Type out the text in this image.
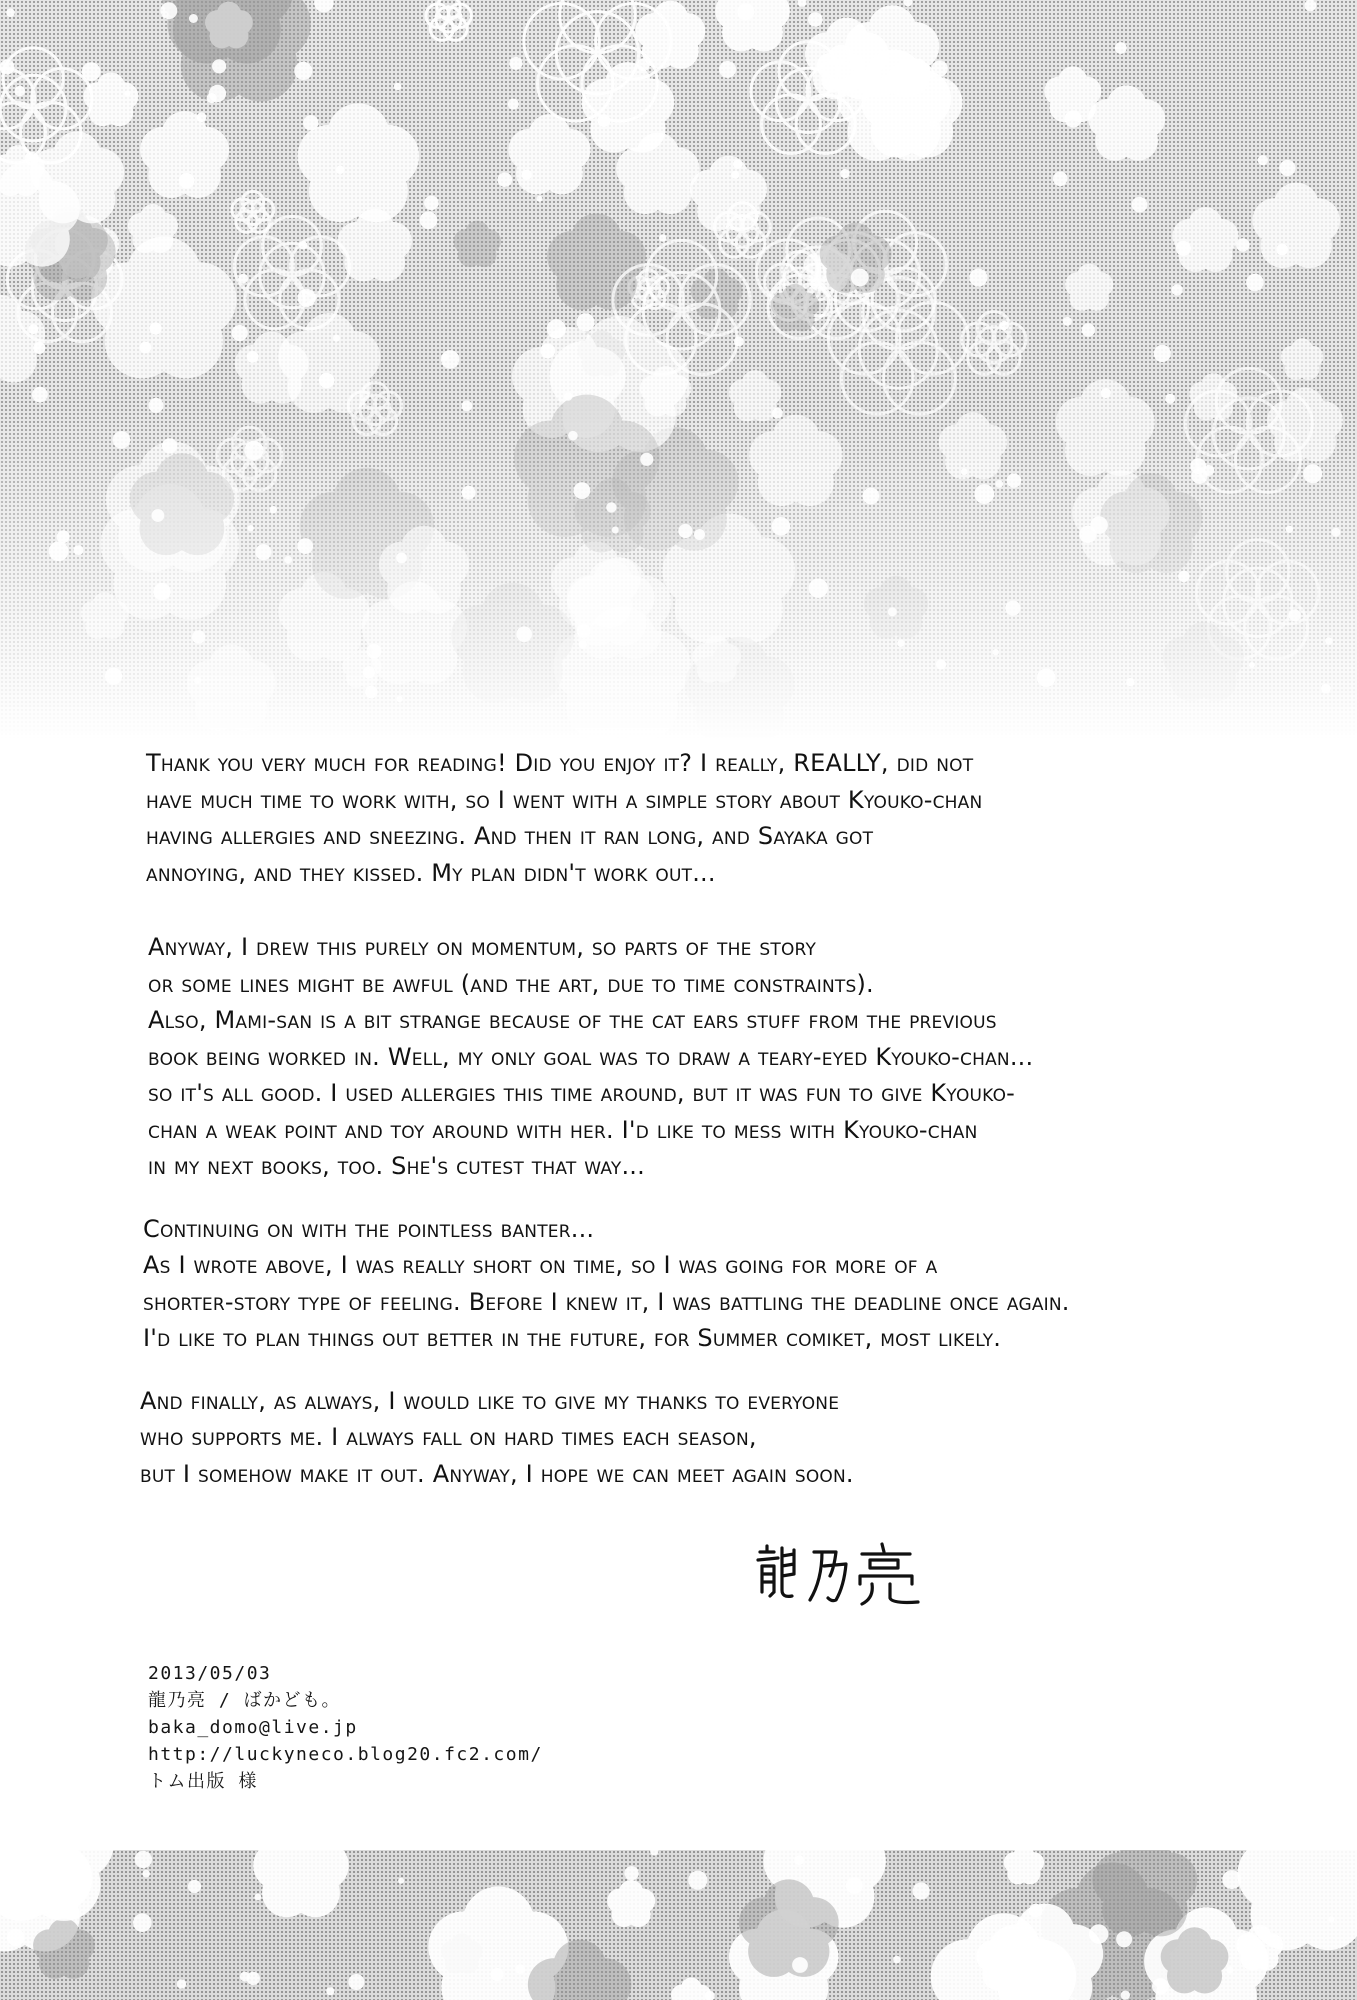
Thank you very much for reading! Did you enjoy it? I really, REALLY, did not
have much time to work with, so I went with a simple story about Kyouko-chan
having allergies and sneezing. And then it ran long, and Sayaka got
annoying, and they kissed. My plan didn't work out...
Anyway, I drew this purely on momentum, so parts of the story
or some lines might be awful (and the art, due to time constraints).
Also, Mami-san is a bit strange because of the cat ears stuff from the previous
book being worked in. Well, my only goal was to draw a teary-eyed Kyouko-chan...
so it's all good. I used allergies this time around, but it was fun to give Kyouko-
chan a weak point and toy around with her. I'd like to mess with Kyouko-chan
in my next books, too. She's cutest that way...
Continuing on with the pointless banter...
As I wrote above, I was really short on time, so I was going for more of a
shorter-story type of feeling. Before I knew it, I was battling the deadline once again.
I'd like to plan things out better in the future, for Summer comiket, most likely.
And finally, as always, I would like to give my thanks to everyone
who supports me. I always fall on hard times each season,
but I somehow make it out. Anyway, I hope we can meet again soon.
2013/05/03
龍乃亮 / ばかども。
baka_domo@live.jp
http://luckyneco.blog20.fc2.com/
トム出版 様
